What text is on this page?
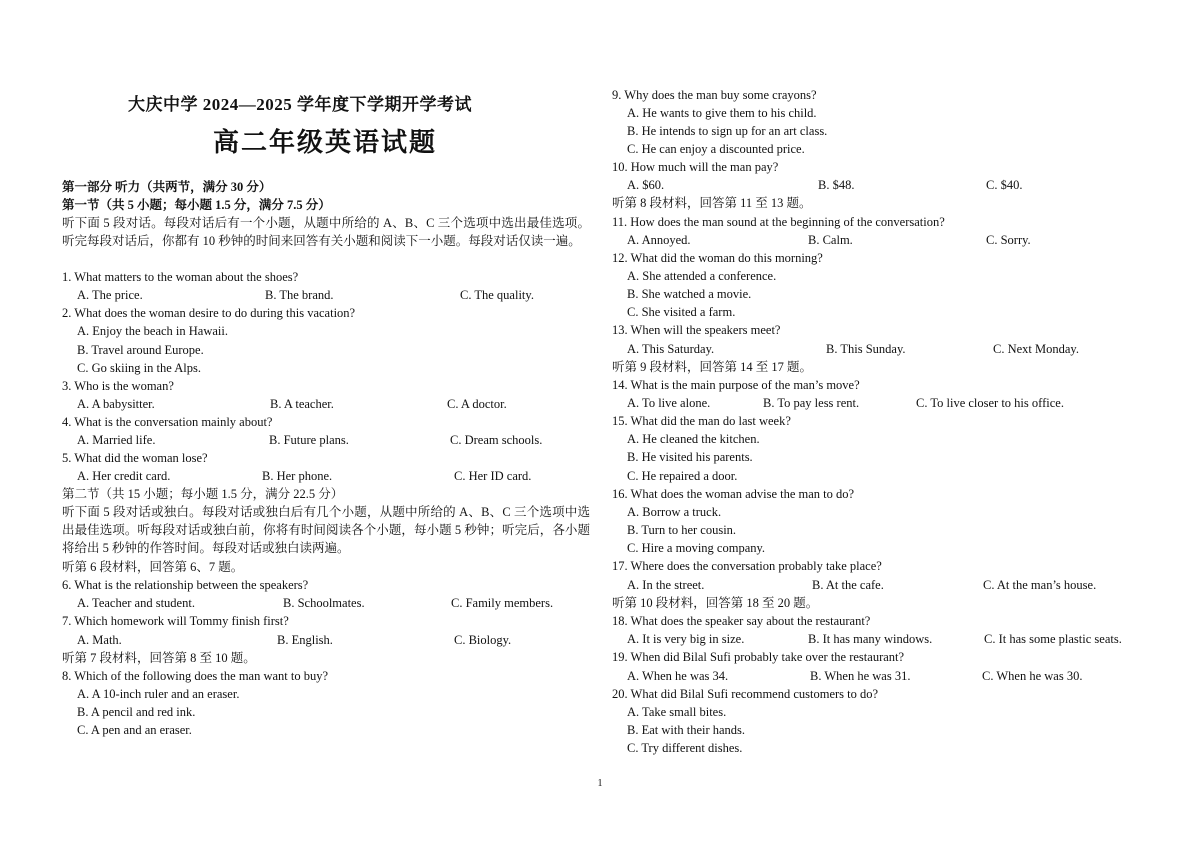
大庆中学 2024—2025 学年度下学期开学考试
高二年级英语试题
第一部分 听力（共两节，满分 30 分）
第一节（共 5 小题；每小题 1.5 分，满分 7.5 分）
听下面 5 段对话。每段对话后有一个小题，从题中所给的 A、B、C 三个选项中选出最佳选项。听完每段对话后，你都有 10 秒钟的时间来回答有关小题和阅读下一小题。每段对话仅读一遍。
1. What matters to the woman about the shoes?
A. The price.	B. The brand.	C. The quality.
2. What does the woman desire to do during this vacation?
A. Enjoy the beach in Hawaii.
B. Travel around Europe.
C. Go skiing in the Alps.
3. Who is the woman?
A. A babysitter.	B. A teacher.	C. A doctor.
4. What is the conversation mainly about?
A. Married life.	B. Future plans.	C. Dream schools.
5. What did the woman lose?
A. Her credit card.	B. Her phone.	C. Her ID card.
第二节（共 15 小题；每小题 1.5 分，满分 22.5 分）
听下面 5 段对话或独白。每段对话或独白后有几个小题，从题中所给的 A、B、C 三个选项中选出最佳选项。听每段对话或独白前，你将有时间阅读各个小题，每小题 5 秒钟；听完后，各小题将给出 5 秒钟的作答时间。每段对话或独白读两遍。
听第 6 段材料，回答第 6、7 题。
6. What is the relationship between the speakers?
A. Teacher and student.	B. Schoolmates.	C. Family members.
7. Which homework will Tommy finish first?
A. Math.	B. English.	C. Biology.
听第 7 段材料，回答第 8 至 10 题。
8. Which of the following does the man want to buy?
A. A 10-inch ruler and an eraser.
B. A pencil and red ink.
C. A pen and an eraser.
9. Why does the man buy some crayons?
A. He wants to give them to his child.
B. He intends to sign up for an art class.
C. He can enjoy a discounted price.
10. How much will the man pay?
A. $60.	B. $48.	C. $40.
听第 8 段材料，回答第 11 至 13 题。
11. How does the man sound at the beginning of the conversation?
A. Annoyed.	B. Calm.	C. Sorry.
12. What did the woman do this morning?
A. She attended a conference.
B. She watched a movie.
C. She visited a farm.
13. When will the speakers meet?
A. This Saturday.	B. This Sunday.	C. Next Monday.
听第 9 段材料，回答第 14 至 17 题。
14. What is the main purpose of the man’s move?
A. To live alone.	B. To pay less rent.	C. To live closer to his office.
15. What did the man do last week?
A. He cleaned the kitchen.
B. He visited his parents.
C. He repaired a door.
16. What does the woman advise the man to do?
A. Borrow a truck.
B. Turn to her cousin.
C. Hire a moving company.
17. Where does the conversation probably take place?
A. In the street.	B. At the cafe.	C. At the man’s house.
听第 10 段材料，回答第 18 至 20 题。
18. What does the speaker say about the restaurant?
A. It is very big in size.	B. It has many windows.	C. It has some plastic seats.
19. When did Bilal Sufi probably take over the restaurant?
A. When he was 34.	B. When he was 31.	C. When he was 30.
20. What did Bilal Sufi recommend customers to do?
A. Take small bites.
B. Eat with their hands.
C. Try different dishes.
1
